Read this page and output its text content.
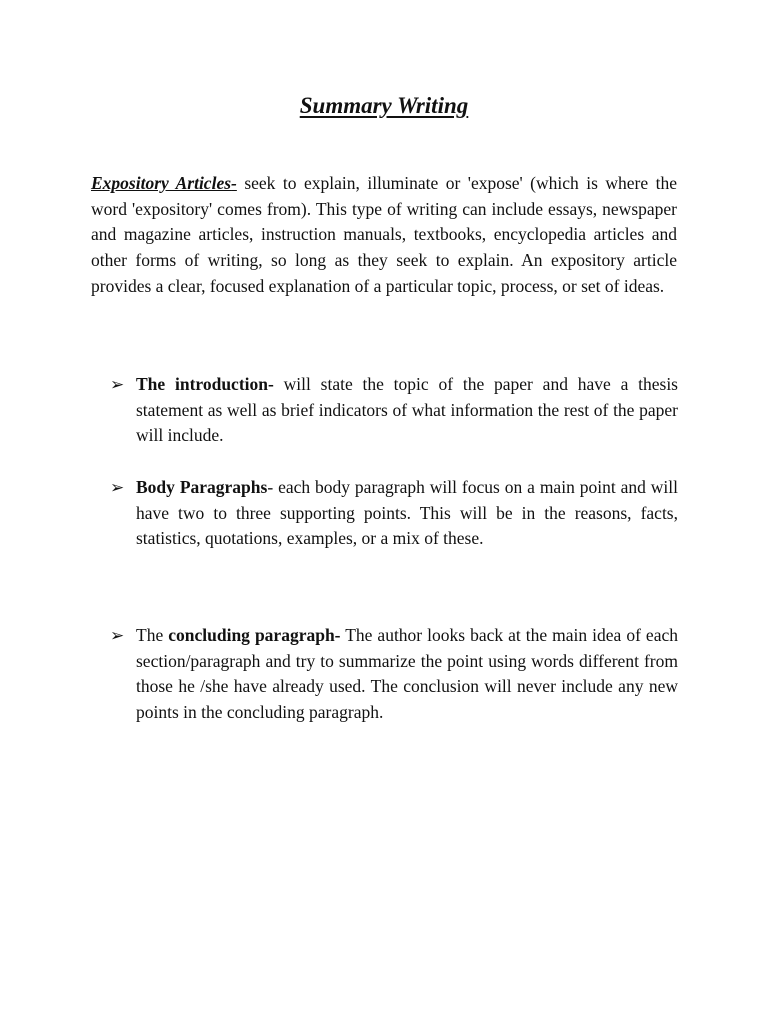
Summary Writing

Expository Articles- seek to explain, illuminate or 'expose' (which is where the word 'expository' comes from). This type of writing can include essays, newspaper and magazine articles, instruction manuals, textbooks, encyclopedia articles and other forms of writing, so long as they seek to explain. An expository article provides a clear, focused explanation of a particular topic, process, or set of ideas.

➢ The introduction- will state the topic of the paper and have a thesis statement as well as brief indicators of what information the rest of the paper will include.

➢ Body Paragraphs- each body paragraph will focus on a main point and will have two to three supporting points. This will be in the reasons, facts, statistics, quotations, examples, or a mix of these.

➢ The concluding paragraph- The author looks back at the main idea of each section/paragraph and try to summarize the point using words different from those he /she have already used. The conclusion will never include any new points in the concluding paragraph.
